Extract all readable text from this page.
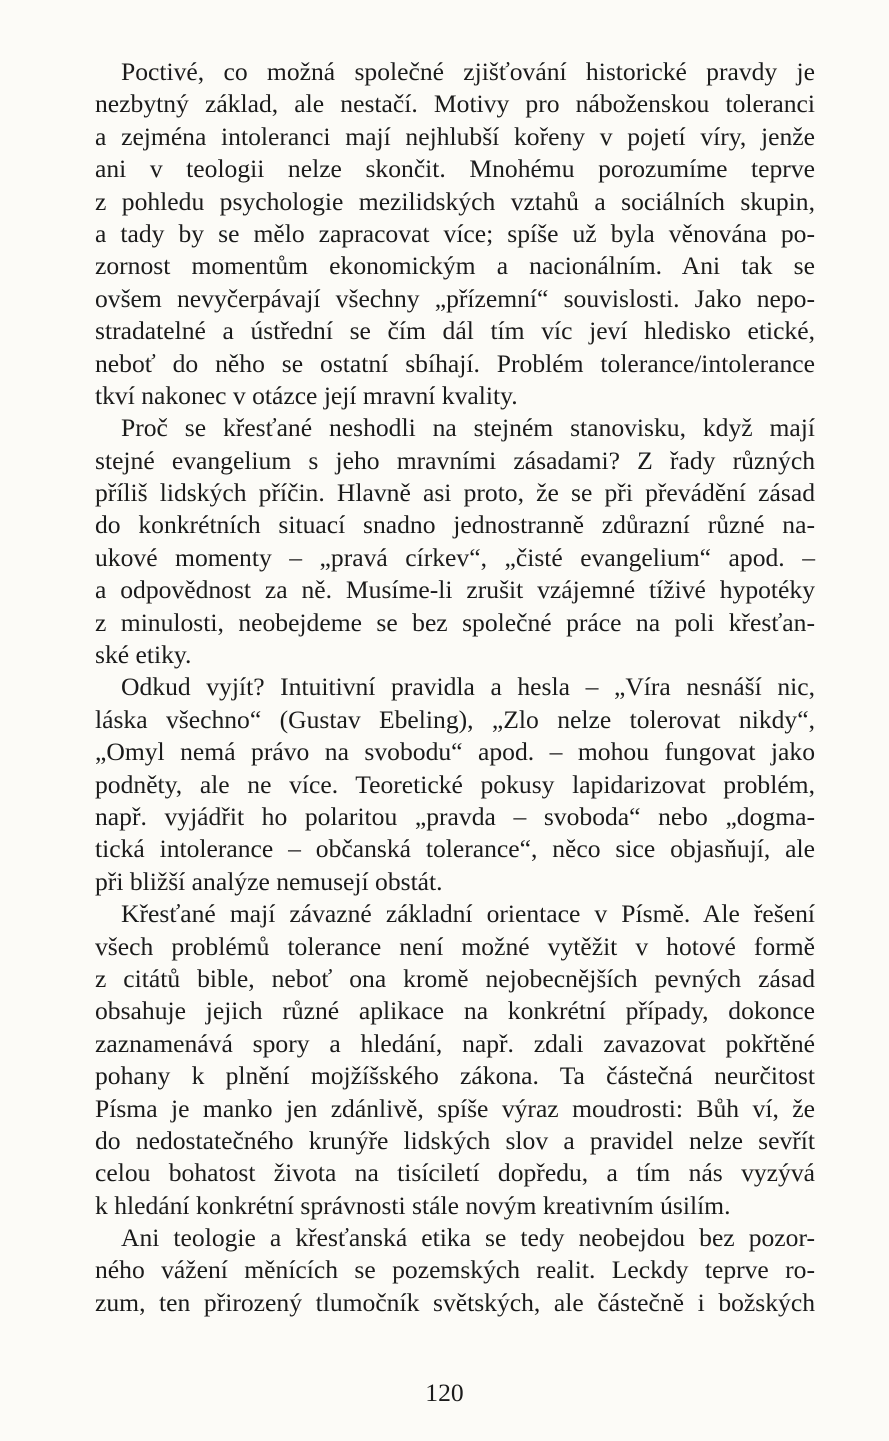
Poctivé, co možná společné zjišťování historické pravdy je
nezbytný základ, ale nestačí. Motivy pro náboženskou toleranci
a zejména intoleranci mají nejhlubší kořeny v pojetí víry, jenže
ani v teologii nelze skončit. Mnohému porozumíme teprve
z pohledu psychologie mezilidských vztahů a sociálních skupin,
a tady by se mělo zapracovat více; spíše už byla věnována po-
zornost momentům ekonomickým a nacionálním. Ani tak se
ovšem nevyčerpávají všechny „přízemní“ souvislosti. Jako nepo-
stradatelné a ústřední se čím dál tím víc jeví hledisko etické,
neboť do něho se ostatní sbíhají. Problém tolerance/intolerance
tkví nakonec v otázce její mravní kvality.
Proč se křesťané neshodli na stejném stanovisku, když mají
stejné evangelium s jeho mravními zásadami? Z řady různých
příliš lidských příčin. Hlavně asi proto, že se při převádění zásad
do konkrétních situací snadno jednostranně zdůrazní různé na-
ukové momenty – „pravá církev“, „čisté evangelium“ apod. –
a odpovědnost za ně. Musíme-li zrušit vzájemné tíživé hypotéky
z minulosti, neobejdeme se bez společné práce na poli křesťan-
ské etiky.
Odkud vyjít? Intuitivní pravidla a hesla – „Víra nesnáší nic,
láska všechno“ (Gustav Ebeling), „Zlo nelze tolerovat nikdy“,
„Omyl nemá právo na svobodu“ apod. – mohou fungovat jako
podněty, ale ne více. Teoretické pokusy lapidarizovat problém,
např. vyjádřit ho polaritou „pravda – svoboda“ nebo „dogma-
tická intolerance – občanská tolerance“, něco sice objasňují, ale
při bližší analýze nemusejí obstát.
Křesťané mají závazné základní orientace v Písmě. Ale řešení
všech problémů tolerance není možné vytěžit v hotové formě
z citátů bible, neboť ona kromě nejobecnějších pevných zásad
obsahuje jejich různé aplikace na konkrétní případy, dokonce
zaznamenává spory a hledání, např. zdali zavazovat pokřtěné
pohany k plnění mojžíšského zákona. Ta částečná neurčitost
Písma je manko jen zdánlivě, spíše výraz moudrosti: Bůh ví, že
do nedostatečného krunýře lidských slov a pravidel nelze sevřít
celou bohatost života na tisíciletí dopředu, a tím nás vyzývá
k hledání konkrétní správnosti stále novým kreativním úsilím.
Ani teologie a křesťanská etika se tedy neobejdou bez pozor-
ného vážení měnících se pozemských realit. Leckdy teprve ro-
zum, ten přirozený tlumočník světských, ale částečně i božských
120
